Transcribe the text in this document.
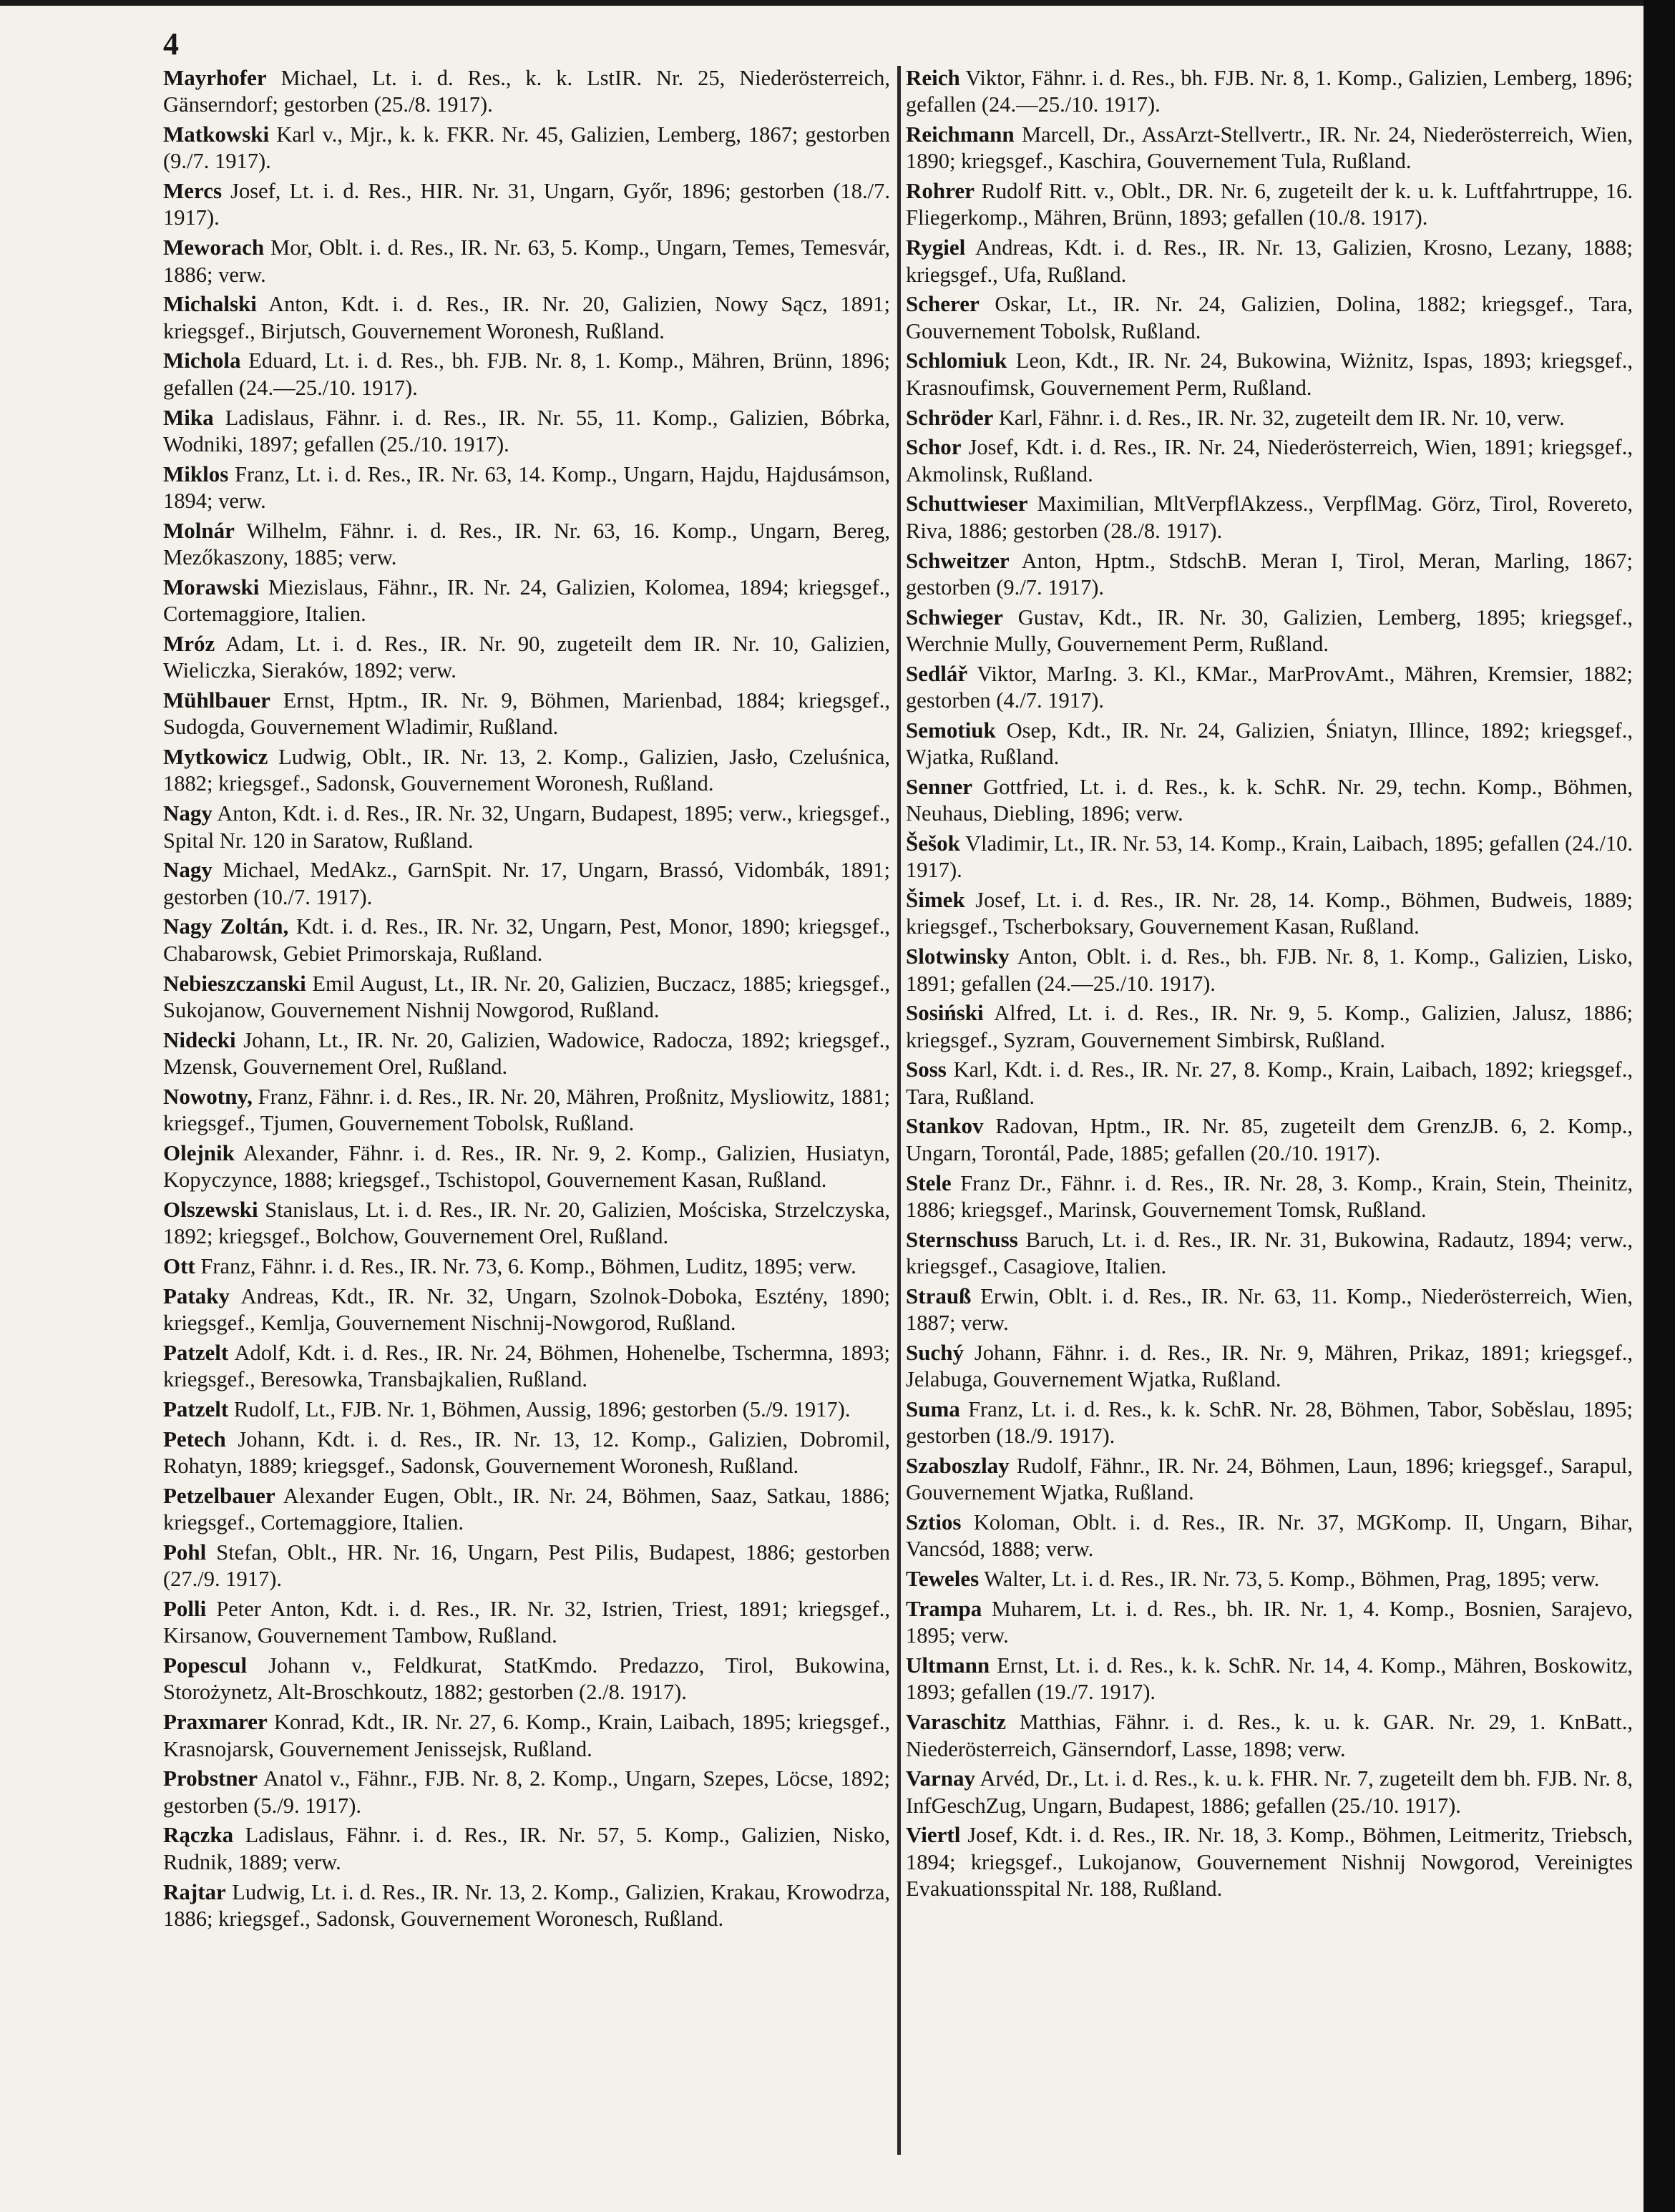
4

Mayrhofer Michael, Lt. i. d. Res., k. k. LstIR. Nr. 25, Niederösterreich, Gänserndorf; gestorben (25./8. 1917).

Matkowski Karl v., Mjr., k. k. FKR. Nr. 45, Galizien, Lemberg, 1867; gestorben (9./7. 1917).

Mercs Josef, Lt. i. d. Res., HIR. Nr. 31, Ungarn, Győr, 1896; gestorben (18./7. 1917).

Meworach Mor, Oblt. i. d. Res., IR. Nr. 63, 5. Komp., Ungarn, Temes, Temesvár, 1886; verw.

Michalski Anton, Kdt. i. d. Res., IR. Nr. 20, Galizien, Nowy Sącz, 1891; kriegsgef., Birjutsch, Gouvernement Woronesh, Rußland.

Michola Eduard, Lt. i. d. Res., bh. FJB. Nr. 8, 1. Komp., Mähren, Brünn, 1896; gefallen (24.—25./10. 1917).

Mika Ladislaus, Fähnr. i. d. Res., IR. Nr. 55, 11. Komp., Galizien, Bóbrka, Wodniki, 1897; gefallen (25./10. 1917).

Miklos Franz, Lt. i. d. Res., IR. Nr. 63, 14. Komp., Ungarn, Hajdu, Hajdusámson, 1894; verw.

Molnár Wilhelm, Fähnr. i. d. Res., IR. Nr. 63, 16. Komp., Ungarn, Bereg, Mezőkaszony, 1885; verw.

Morawski Miezislaus, Fähnr., IR. Nr. 24, Galizien, Kolomea, 1894; kriegsgef., Cortemaggiore, Italien.

Mróz Adam, Lt. i. d. Res., IR. Nr. 90, zugeteilt dem IR. Nr. 10, Galizien, Wieliczka, Sieraków, 1892; verw.

Mühlbauer Ernst, Hptm., IR. Nr. 9, Böhmen, Marienbad, 1884; kriegsgef., Sudogda, Gouvernement Wladimir, Rußland.

Mytkowicz Ludwig, Oblt., IR. Nr. 13, 2. Komp., Galizien, Jasło, Czeluśnica, 1882; kriegsgef., Sadonsk, Gouvernement Woronesh, Rußland.

Nagy Anton, Kdt. i. d. Res., IR. Nr. 32, Ungarn, Budapest, 1895; verw., kriegsgef., Spital Nr. 120 in Saratow, Rußland.

Nagy Michael, MedAkz., GarnSpit. Nr. 17, Ungarn, Brassó, Vidombák, 1891; gestorben (10./7. 1917).

Nagy Zoltán, Kdt. i. d. Res., IR. Nr. 32, Ungarn, Pest, Monor, 1890; kriegsgef., Chabarowsk, Gebiet Primorskaja, Rußland.

Nebieszczanski Emil August, Lt., IR. Nr. 20, Galizien, Buczacz, 1885; kriegsgef., Sukojanow, Gouvernement Nishnij Nowgorod, Rußland.

Nidecki Johann, Lt., IR. Nr. 20, Galizien, Wadowice, Radocza, 1892; kriegsgef., Mzensk, Gouvernement Orel, Rußland.

Nowotny, Franz, Fähnr. i. d. Res., IR. Nr. 20, Mähren, Proßnitz, Mysliowitz, 1881; kriegsgef., Tjumen, Gouvernement Tobolsk, Rußland.

Olejnik Alexander, Fähnr. i. d. Res., IR. Nr. 9, 2. Komp., Galizien, Husiatyn, Kopyczynce, 1888; kriegsgef., Tschistopol, Gouvernement Kasan, Rußland.

Olszewski Stanislaus, Lt. i. d. Res., IR. Nr. 20, Galizien, Mościska, Strzelczyska, 1892; kriegsgef., Bolchow, Gouvernement Orel, Rußland.

Ott Franz, Fähnr. i. d. Res., IR. Nr. 73, 6. Komp., Böhmen, Luditz, 1895; verw.

Pataky Andreas, Kdt., IR. Nr. 32, Ungarn, Szolnok-Doboka, Esztény, 1890; kriegsgef., Kemlja, Gouvernement Nischnij-Nowgorod, Rußland.

Patzelt Adolf, Kdt. i. d. Res., IR. Nr. 24, Böhmen, Hohenelbe, Tschermna, 1893; kriegsgef., Beresowka, Transbajkalien, Rußland.

Patzelt Rudolf, Lt., FJB. Nr. 1, Böhmen, Aussig, 1896; gestorben (5./9. 1917).

Petech Johann, Kdt. i. d. Res., IR. Nr. 13, 12. Komp., Galizien, Dobromil, Rohatyn, 1889; kriegsgef., Sadonsk, Gouvernement Woronesh, Rußland.

Petzelbauer Alexander Eugen, Oblt., IR. Nr. 24, Böhmen, Saaz, Satkau, 1886; kriegsgef., Cortemaggiore, Italien.

Pohl Stefan, Oblt., HR. Nr. 16, Ungarn, Pest Pilis, Budapest, 1886; gestorben (27./9. 1917).

Polli Peter Anton, Kdt. i. d. Res., IR. Nr. 32, Istrien, Triest, 1891; kriegsgef., Kirsanow, Gouvernement Tambow, Rußland.

Popescul Johann v., Feldkurat, StatKmdo. Predazzo, Tirol, Bukowina, Storożynetz, Alt-Broschkoutz, 1882; gestorben (2./8. 1917).

Praxmarer Konrad, Kdt., IR. Nr. 27, 6. Komp., Krain, Laibach, 1895; kriegsgef., Krasnojarsk, Gouvernement Jenissejsk, Rußland.

Probstner Anatol v., Fähnr., FJB. Nr. 8, 2. Komp., Ungarn, Szepes, Löcse, 1892; gestorben (5./9. 1917).

Rączka Ladislaus, Fähnr. i. d. Res., IR. Nr. 57, 5. Komp., Galizien, Nisko, Rudnik, 1889; verw.

Rajtar Ludwig, Lt. i. d. Res., IR. Nr. 13, 2. Komp., Galizien, Krakau, Krowodrza, 1886; kriegsgef., Sadonsk, Gouvernement Woronesch, Rußland.

Reich Viktor, Fähnr. i. d. Res., bh. FJB. Nr. 8, 1. Komp., Galizien, Lemberg, 1896; gefallen (24.—25./10. 1917).

Reichmann Marcell, Dr., AssArzt-Stellvertr., IR. Nr. 24, Niederösterreich, Wien, 1890; kriegsgef., Kaschira, Gouvernement Tula, Rußland.

Rohrer Rudolf Ritt. v., Oblt., DR. Nr. 6, zugeteilt der k. u. k. Luftfahrtruppe, 16. Fliegerkomp., Mähren, Brünn, 1893; gefallen (10./8. 1917).

Rygiel Andreas, Kdt. i. d. Res., IR. Nr. 13, Galizien, Krosno, Lezany, 1888; kriegsgef., Ufa, Rußland.

Scherer Oskar, Lt., IR. Nr. 24, Galizien, Dolina, 1882; kriegsgef., Tara, Gouvernement Tobolsk, Rußland.

Schlomiuk Leon, Kdt., IR. Nr. 24, Bukowina, Wiżnitz, Ispas, 1893; kriegsgef., Krasnoufimsk, Gouvernement Perm, Rußland.

Schröder Karl, Fähnr. i. d. Res., IR. Nr. 32, zugeteilt dem IR. Nr. 10, verw.

Schor Josef, Kdt. i. d. Res., IR. Nr. 24, Niederösterreich, Wien, 1891; kriegsgef., Akmolinsk, Rußland.

Schuttwieser Maximilian, MltVerpflAkzess., VerpflMag. Görz, Tirol, Rovereto, Riva, 1886; gestorben (28./8. 1917).

Schweitzer Anton, Hptm., StdschB. Meran I, Tirol, Meran, Marling, 1867; gestorben (9./7. 1917).

Schwieger Gustav, Kdt., IR. Nr. 30, Galizien, Lemberg, 1895; kriegsgef., Werchnie Mully, Gouvernement Perm, Rußland.

Sedlář Viktor, MarIng. 3. Kl., KMar., MarProvAmt., Mähren, Kremsier, 1882; gestorben (4./7. 1917).

Semotiuk Osep, Kdt., IR. Nr. 24, Galizien, Śniatyn, Illince, 1892; kriegsgef., Wjatka, Rußland.

Senner Gottfried, Lt. i. d. Res., k. k. SchR. Nr. 29, techn. Komp., Böhmen, Neuhaus, Diebling, 1896; verw.

Šešok Vladimir, Lt., IR. Nr. 53, 14. Komp., Krain, Laibach, 1895; gefallen (24./10. 1917).

Šimek Josef, Lt. i. d. Res., IR. Nr. 28, 14. Komp., Böhmen, Budweis, 1889; kriegsgef., Tscherboksary, Gouvernement Kasan, Rußland.

Slotwinsky Anton, Oblt. i. d. Res., bh. FJB. Nr. 8, 1. Komp., Galizien, Lisko, 1891; gefallen (24.—25./10. 1917).

Sosiński Alfred, Lt. i. d. Res., IR. Nr. 9, 5. Komp., Galizien, Jalusz, 1886; kriegsgef., Syzram, Gouvernement Simbirsk, Rußland.

Soss Karl, Kdt. i. d. Res., IR. Nr. 27, 8. Komp., Krain, Laibach, 1892; kriegsgef., Tara, Rußland.

Stankov Radovan, Hptm., IR. Nr. 85, zugeteilt dem GrenzJB. 6, 2. Komp., Ungarn, Torontál, Pade, 1885; gefallen (20./10. 1917).

Stele Franz Dr., Fähnr. i. d. Res., IR. Nr. 28, 3. Komp., Krain, Stein, Theinitz, 1886; kriegsgef., Marinsk, Gouvernement Tomsk, Rußland.

Sternschuss Baruch, Lt. i. d. Res., IR. Nr. 31, Bukowina, Radautz, 1894; verw., kriegsgef., Casagiove, Italien.

Strauß Erwin, Oblt. i. d. Res., IR. Nr. 63, 11. Komp., Niederösterreich, Wien, 1887; verw.

Suchý Johann, Fähnr. i. d. Res., IR. Nr. 9, Mähren, Prikaz, 1891; kriegsgef., Jelabuga, Gouvernement Wjatka, Rußland.

Suma Franz, Lt. i. d. Res., k. k. SchR. Nr. 28, Böhmen, Tabor, Soběslau, 1895; gestorben (18./9. 1917).

Szaboszlay Rudolf, Fähnr., IR. Nr. 24, Böhmen, Laun, 1896; kriegsgef., Sarapul, Gouvernement Wjatka, Rußland.

Sztios Koloman, Oblt. i. d. Res., IR. Nr. 37, MGKomp. II, Ungarn, Bihar, Vancsód, 1888; verw.

Teweles Walter, Lt. i. d. Res., IR. Nr. 73, 5. Komp., Böhmen, Prag, 1895; verw.

Trampa Muharem, Lt. i. d. Res., bh. IR. Nr. 1, 4. Komp., Bosnien, Sarajevo, 1895; verw.

Ultmann Ernst, Lt. i. d. Res., k. k. SchR. Nr. 14, 4. Komp., Mähren, Boskowitz, 1893; gefallen (19./7. 1917).

Varaschitz Matthias, Fähnr. i. d. Res., k. u. k. GAR. Nr. 29, 1. KnBatt., Niederösterreich, Gänserndorf, Lasse, 1898; verw.

Varnay Arvéd, Dr., Lt. i. d. Res., k. u. k. FHR. Nr. 7, zugeteilt dem bh. FJB. Nr. 8, InfGeschZug, Ungarn, Budapest, 1886; gefallen (25./10. 1917).

Viertl Josef, Kdt. i. d. Res., IR. Nr. 18, 3. Komp., Böhmen, Leitmeritz, Triebsch, 1894; kriegsgef., Lukojanow, Gouvernement Nishnij Nowgorod, Vereinigtes Evakuationsspital Nr. 188, Rußland.
